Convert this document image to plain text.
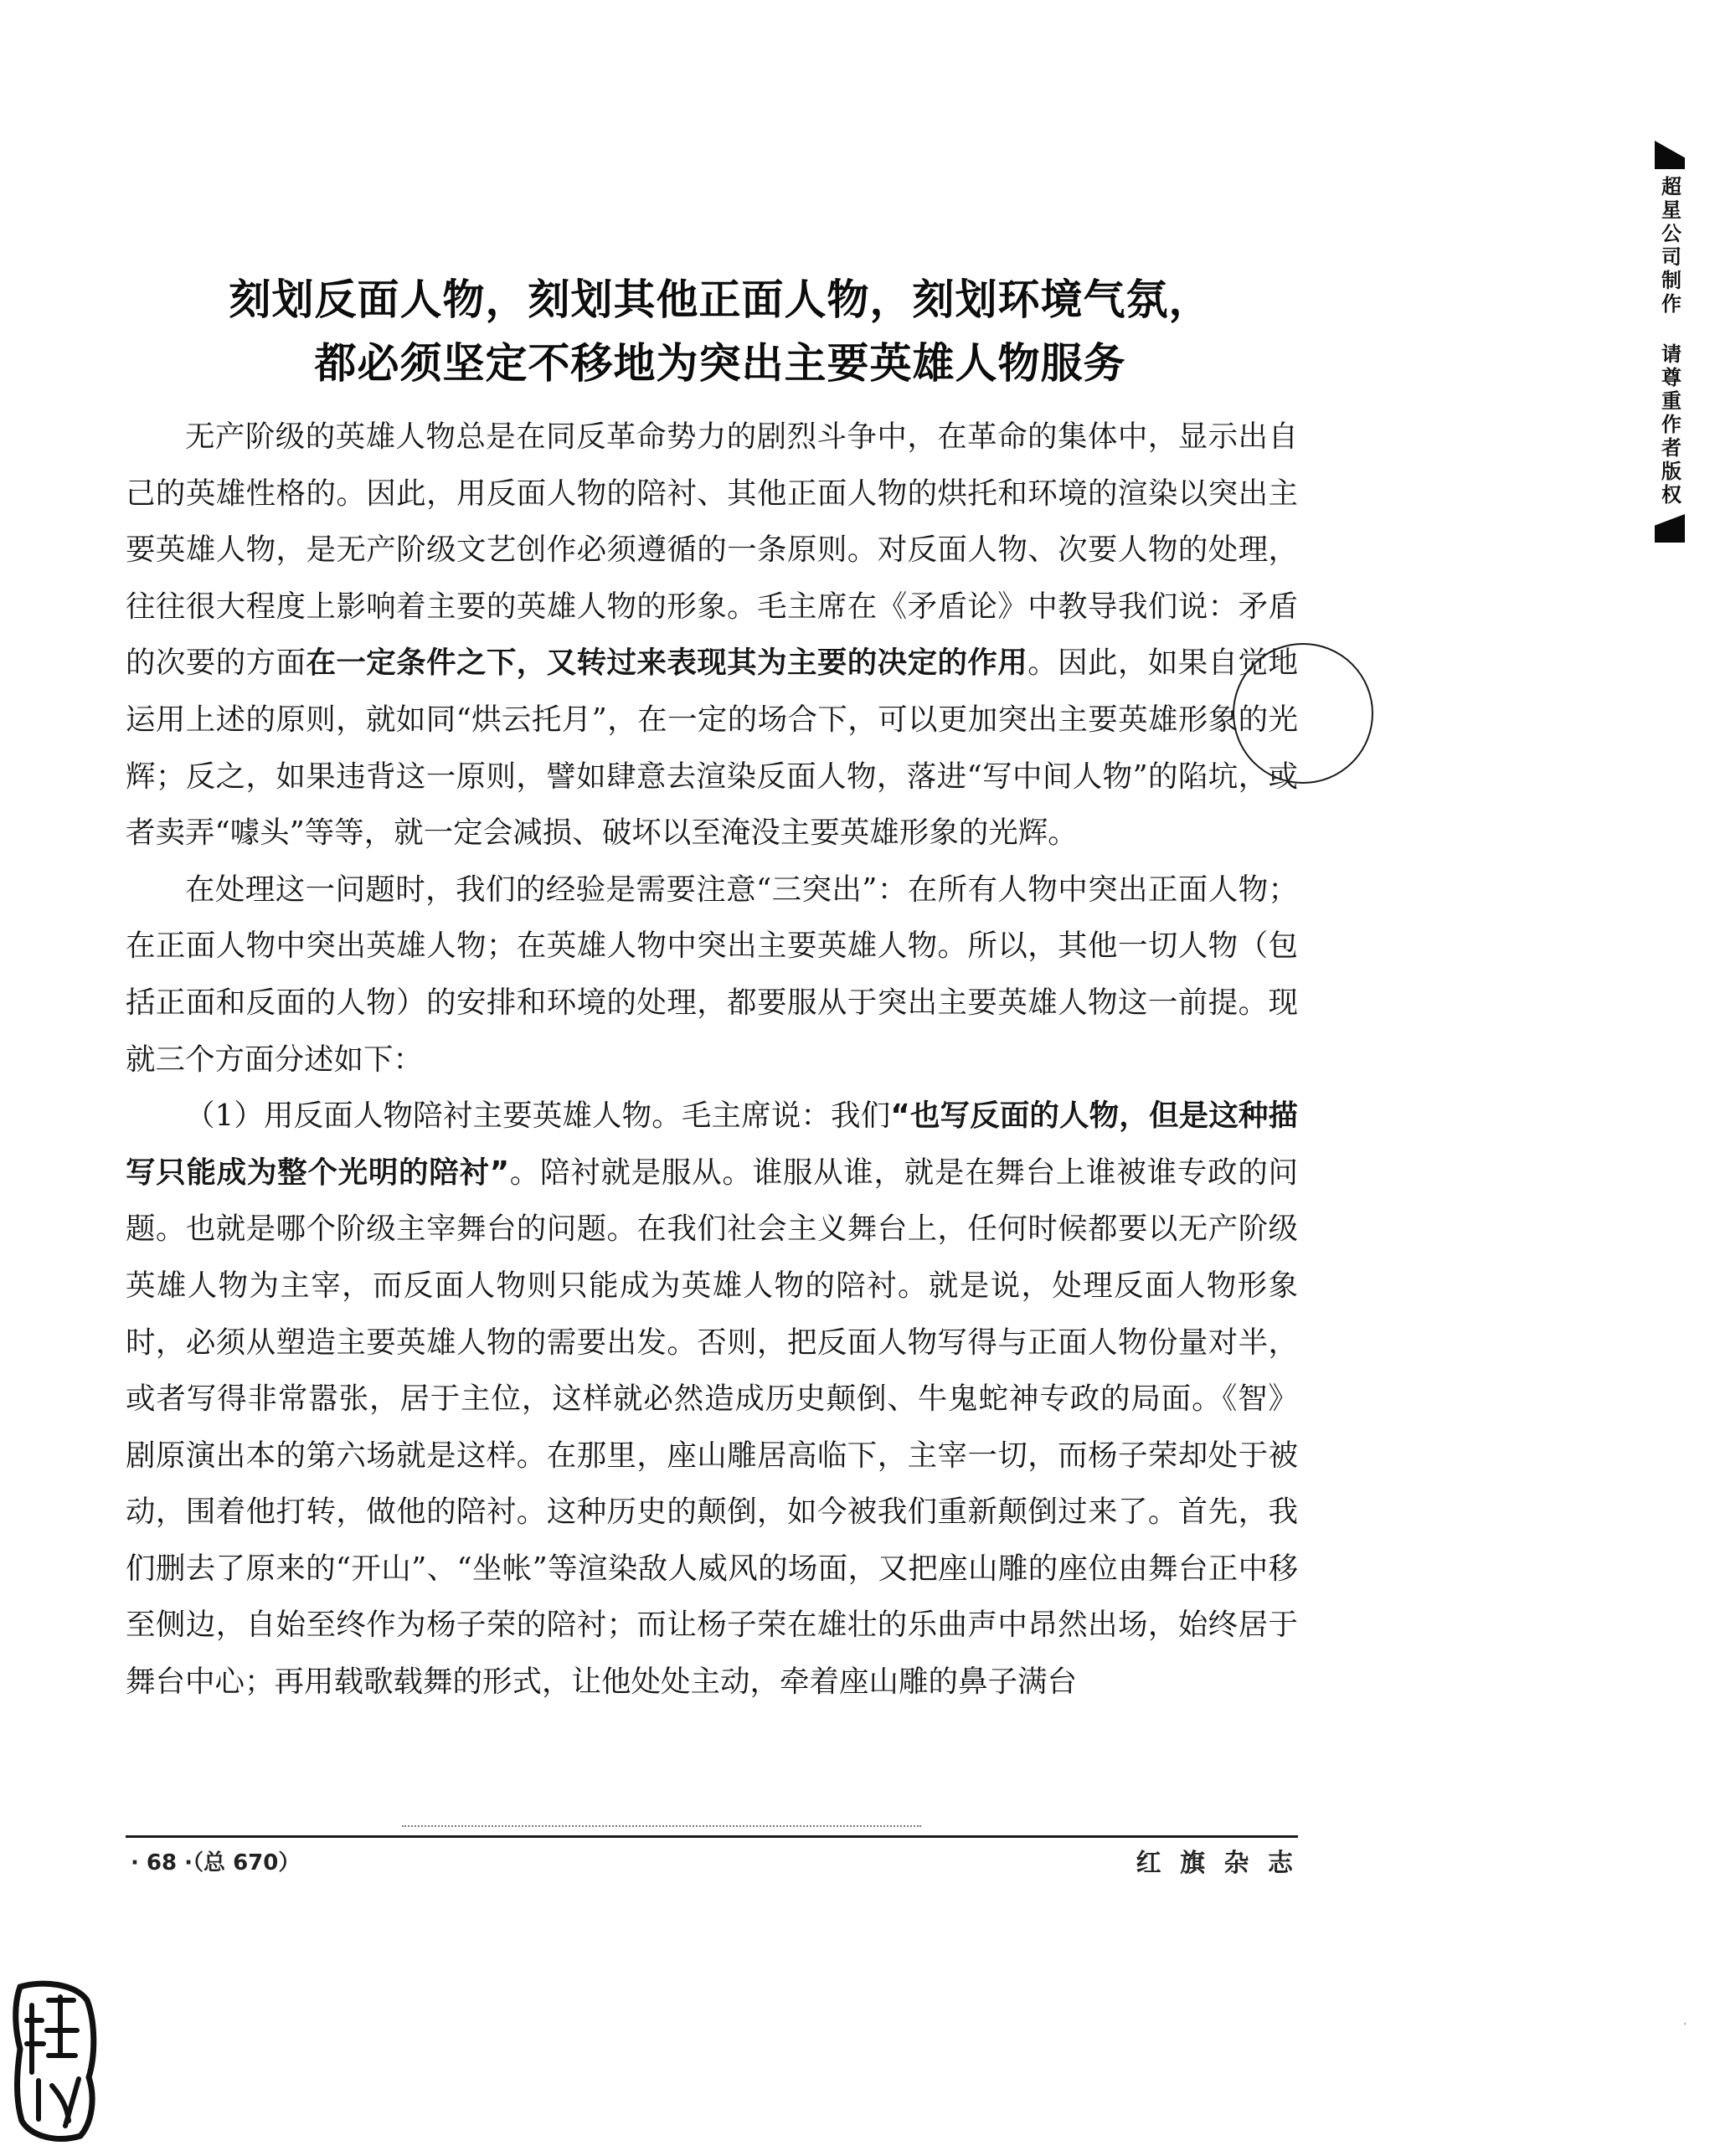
刻划反面人物，刻划其他正面人物，刻划环境气氛，
都必须坚定不移地为突出主要英雄人物服务

无产阶级的英雄人物总是在同反革命势力的剧烈斗争中，在革命的集体中，显示出自己的英雄性格的。因此，用反面人物的陪衬、其他正面人物的烘托和环境的渲染以突出主要英雄人物，是无产阶级文艺创作必须遵循的一条原则。对反面人物、次要人物的处理，往往很大程度上影响着主要的英雄人物的形象。毛主席在《矛盾论》中教导我们说：矛盾的次要的方面在一定条件之下，又转过来表现其为主要的决定的作用。因此，如果自觉地运用上述的原则，就如同“烘云托月”，在一定的场合下，可以更加突出主要英雄形象的光辉；反之，如果违背这一原则，譬如肆意去渲染反面人物，落进“写中间人物”的陷坑，或者卖弄“噱头”等等，就一定会减损、破坏以至淹没主要英雄形象的光辉。

在处理这一问题时，我们的经验是需要注意“三突出”：在所有人物中突出正面人物；在正面人物中突出英雄人物；在英雄人物中突出主要英雄人物。所以，其他一切人物（包括正面和反面的人物）的安排和环境的处理，都要服从于突出主要英雄人物这一前提。现就三个方面分述如下：

（1）用反面人物陪衬主要英雄人物。毛主席说：我们“也写反面的人物，但是这种描写只能成为整个光明的陪衬”。陪衬就是服从。谁服从谁，就是在舞台上谁被谁专政的问题。也就是哪个阶级主宰舞台的问题。在我们社会主义舞台上，任何时候都要以无产阶级英雄人物为主宰，而反面人物则只能成为英雄人物的陪衬。就是说，处理反面人物形象时，必须从塑造主要英雄人物的需要出发。否则，把反面人物写得与正面人物份量对半，或者写得非常嚣张，居于主位，这样就必然造成历史颠倒、牛鬼蛇神专政的局面。《智》剧原演出本的第六场就是这样。在那里，座山雕居高临下，主宰一切，而杨子荣却处于被动，围着他打转，做他的陪衬。这种历史的颠倒，如今被我们重新颠倒过来了。首先，我们删去了原来的“开山”、“坐帐”等渲染敌人威风的场面，又把座山雕的座位由舞台正中移至侧边，自始至终作为杨子荣的陪衬；而让杨子荣在雄壮的乐曲声中昂然出场，始终居于舞台中心；再用载歌载舞的形式，让他处处主动，牵着座山雕的鼻子满台

· 68 ·（总 670）	红 旗 杂 志
超星公司制作 请尊重作者版权
·
